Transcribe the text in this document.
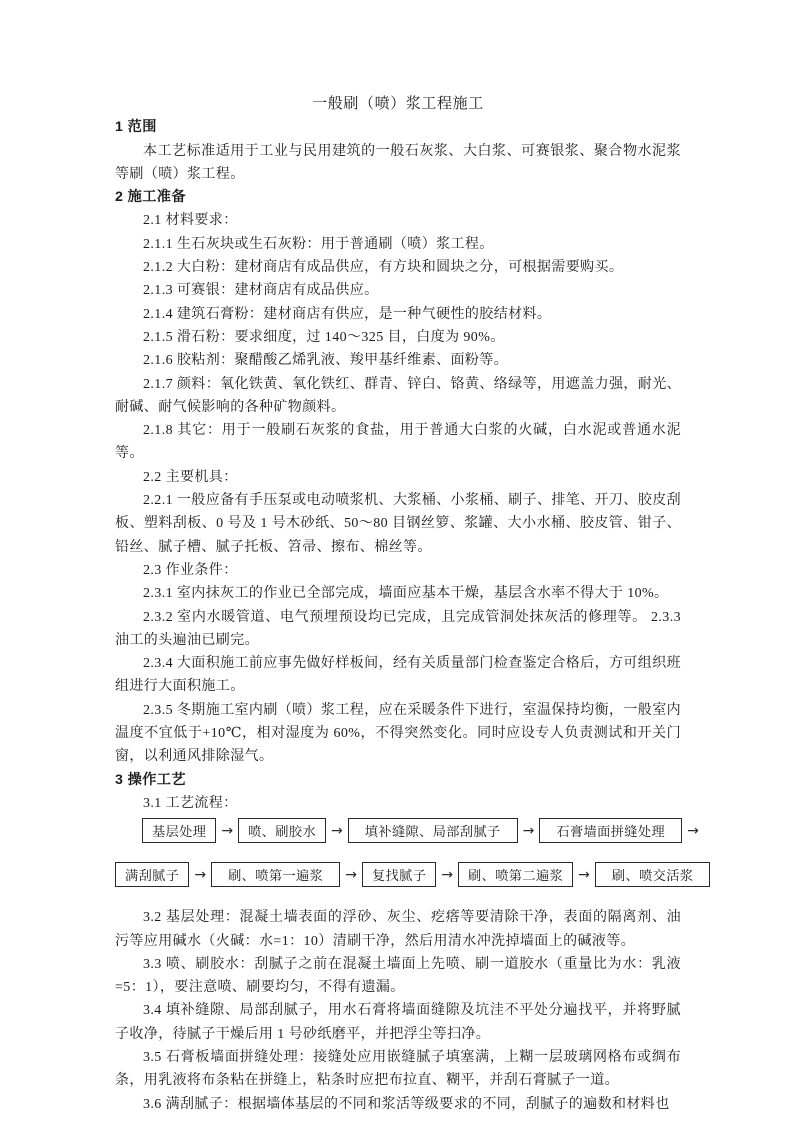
一般刷（喷）浆工程施工
1 范围

本工艺标准适用于工业与民用建筑的一般石灰浆、大白浆、可赛银浆、聚合物水泥浆等刷（喷）浆工程。

2 施工准备

2.1 材料要求：

2.1.1 生石灰块或生石灰粉：用于普通刷（喷）浆工程。

2.1.2 大白粉：建材商店有成品供应，有方块和圆块之分，可根据需要购买。

2.1.3 可赛银：建材商店有成品供应。

2.1.4 建筑石膏粉：建材商店有供应，是一种气硬性的胶结材料。

2.1.5 滑石粉：要求细度，过 140～325 目，白度为 90%。

2.1.6 胶粘剂：聚醋酸乙烯乳液、羧甲基纤维素、面粉等。

2.1.7 颜料：氧化铁黄、氧化铁红、群青、锌白、铬黄、络绿等，用遮盖力强，耐光、耐碱、耐气候影响的各种矿物颜料。

2.1.8 其它：用于一般刷石灰浆的食盐，用于普通大白浆的火碱，白水泥或普通水泥等。

2.2 主要机具：

2.2.1 一般应备有手压泵或电动喷浆机、大浆桶、小浆桶、刷子、排笔、开刀、胶皮刮板、塑料刮板、0 号及 1 号木砂纸、50～80 目钢丝箩、浆罐、大小水桶、胶皮管、钳子、铅丝、腻子槽、腻子托板、笤帚、擦布、棉丝等。

2.3 作业条件：

2.3.1 室内抹灰工的作业已全部完成，墙面应基本干燥，基层含水率不得大于 10%。

2.3.2 室内水暖管道、电气预埋预设均已完成，且完成管洞处抹灰活的修理等。 2.3.3 油工的头遍油已刷完。

2.3.4 大面积施工前应事先做好样板间，经有关质量部门检查鉴定合格后，方可组织班组进行大面积施工。

2.3.5 冬期施工室内刷（喷）浆工程，应在采暖条件下进行，室温保持均衡，一般室内温度不宜低于+10℃，相对湿度为 60%，不得突然变化。同时应设专人负责测试和开关门 窗，以利通风排除湿气。

3 操作工艺

3.1 工艺流程：

基层处理	→	喷、刷胶水	→	填补缝隙、局部刮腻子	→	石膏墙面拼缝处理	→
满刮腻子	→	刷、喷第一遍浆	→	复找腻子	→	刷、喷第二遍浆	→	刷、喷交活浆

3.2 基层处理：混凝土墙表面的浮砂、灰尘、疙瘩等要清除干净，表面的隔离剂、油污等应用碱水（火碱：水=1：10）清刷干净，然后用清水冲洗掉墙面上的碱液等。

3.3 喷、刷胶水：刮腻子之前在混凝土墙面上先喷、刷一道胶水（重量比为水：乳液=5：1），要注意喷、刷要均匀，不得有遗漏。

3.4 填补缝隙、局部刮腻子，用水石膏将墙面缝隙及坑洼不平处分遍找平，并将野腻子收净，待腻子干燥后用 1 号砂纸磨平，并把浮尘等扫净。

3.5 石膏板墙面拼缝处理：接缝处应用嵌缝腻子填塞满，上糊一层玻璃网格布或绸布条，用乳液将布条粘在拼缝上，粘条时应把布拉直、糊平，并刮石膏腻子一道。

3.6 满刮腻子：根据墙体基层的不同和浆活等级要求的不同，刮腻子的遍数和材料也
